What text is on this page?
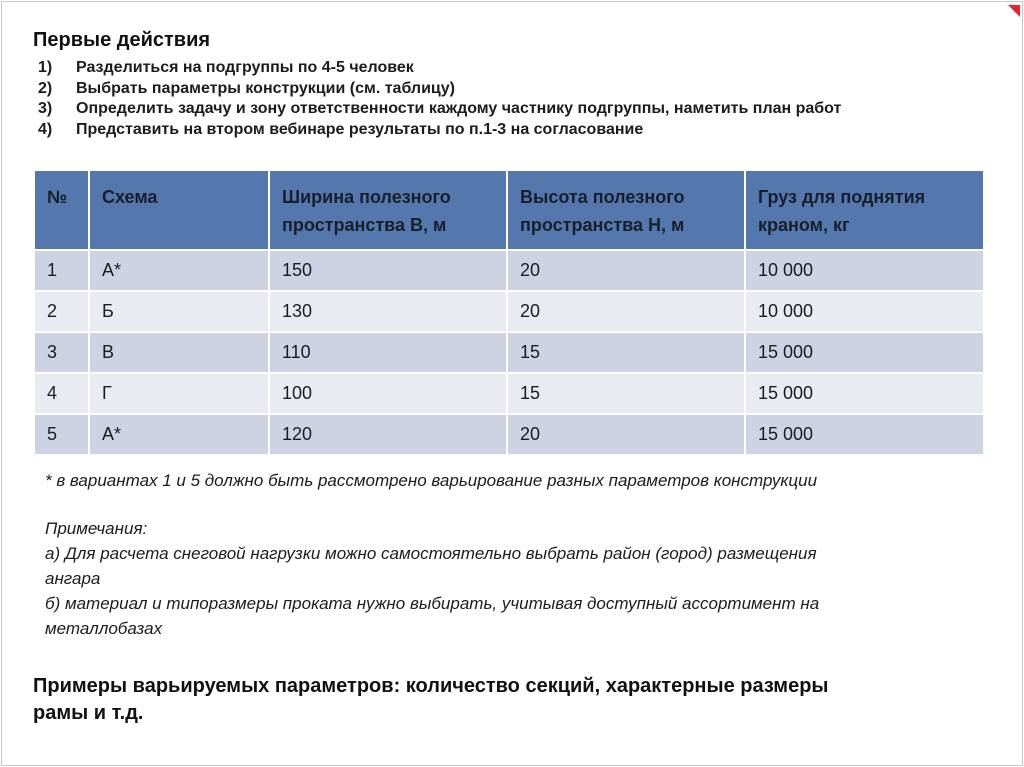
Первые действия
1)	Разделиться на подгруппы по 4-5 человек
2)	Выбрать параметры конструкции (см. таблицу)
3)	Определить задачу и зону ответственности каждому частнику подгруппы, наметить план работ
4)	Представить на втором вебинаре результаты по п.1-3 на согласование
№	Схема	Ширина полезного пространства В, м	Высота полезного пространства Н, м	Груз для поднятия краном, кг
1	А*	150	20	10 000
2	Б	130	20	10 000
3	В	110	15	15 000
4	Г	100	15	15 000
5	А*	120	20	15 000

* в вариантах 1 и 5 должно быть рассмотрено варьирование разных параметров конструкции

Примечания:
а) Для расчета снеговой нагрузки можно самостоятельно выбрать район (город) размещения
ангара
б) материал и типоразмеры проката нужно выбирать, учитывая доступный ассортимент на
металлобазах
Примеры варьируемых параметров: количество секций, характерные размеры
рамы и т.д.
